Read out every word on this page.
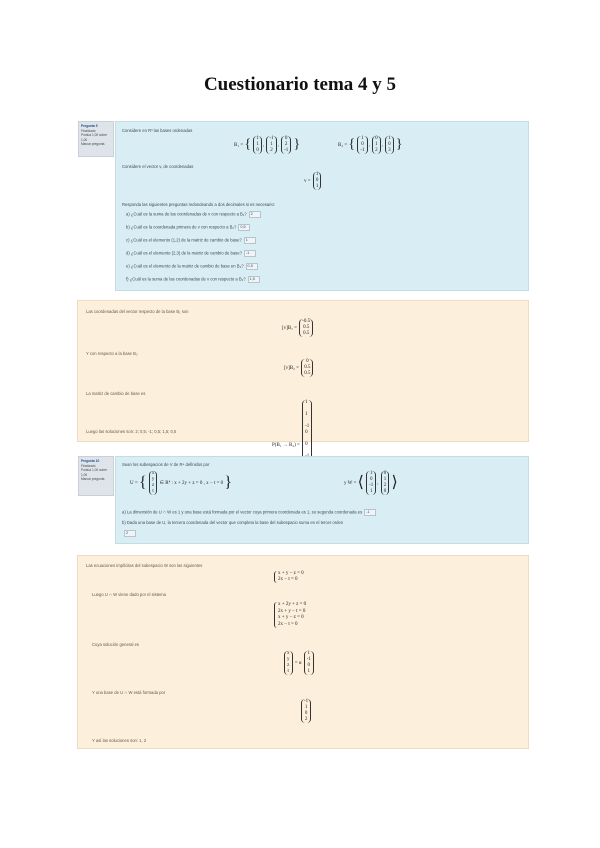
Cuestionario tema 4 y 5
Pregunta 5
Finalizado
Puntúa 1,00 sobre 1,00
Marcar pregunta
Considere en R³ las bases ordenadas
B₁ = { 1
1
0
,
-1
1
2
,
0
2
-1 }	B₂ = { 1
0
-1
,
0
1
2
,
1
0
3 }
Considere el vector v, de coordenadas
v =
1
0
1
Responda las siguientes preguntas redondeando a dos decimales si es necesario:
a) ¿Cuál es la suma de las coordenadas de v con respecto a B₁? 2
b) ¿Cuál es la coordenada primera de v con respecto a B₂? 0,5
c) ¿Cuál es el elemento (1,2) de la matriz de cambio de base? 1
d) ¿Cuál es el elemento (2,3) de la matriz de cambio de base? -1
e) ¿Cuál es el elemento de la matriz de cambio de base en B₂? 0,5
f) ¿Cuál es la suma de las coordenadas de v con respecto a B₂? 1,5
Las coordenadas del vector respecto de la base B₁ son
[v]B₁ =
-0.5
0.5
0.5
Y con respecto a la base B₂
[v]B₂ =
0
0.5
0.5
La matriz de cambio de base es
P(B₁ → B₂) =
1

1

-1
0

0

Luego las soluciones son: 2; 0,5; -1; 0,5; 1,5; 0,5
Pregunta 10
Finalizado
Puntúa 1,00 sobre 1,00
Marcar pregunta
Sean los subespacios de V de R⁴ definidos por
U = {
x
y
z
t
∈ R⁴ : x + 2y + z = 0 , x − t = 0 }	y W = ⟨
1
0
-1
1
,
0
1
2
0
⟩
a) La dimensión de U ∩ W es 1 y una base está formada por el vector cuya primera coordenada es 1, su segunda coordenada es -1
b) Dada una base de U, la tercera coordenada del vector que completa la base del subespacio suma en el tercer orden
2
Las ecuaciones implícitas del subespacio W son las siguientes
x + y − z = 0
2x − t = 0
Luego U ∩ W viene dado por el sistema
x + 2y + z = 0
2x + y − t = 0
x + y − z = 0
2x − t = 0
Cuya solución general es
x
y
z
t
= α
1
-1
0
1
Y una base de U ∩ W está formada por
-1
1
0
2
Y así las soluciones son: 1, 2
